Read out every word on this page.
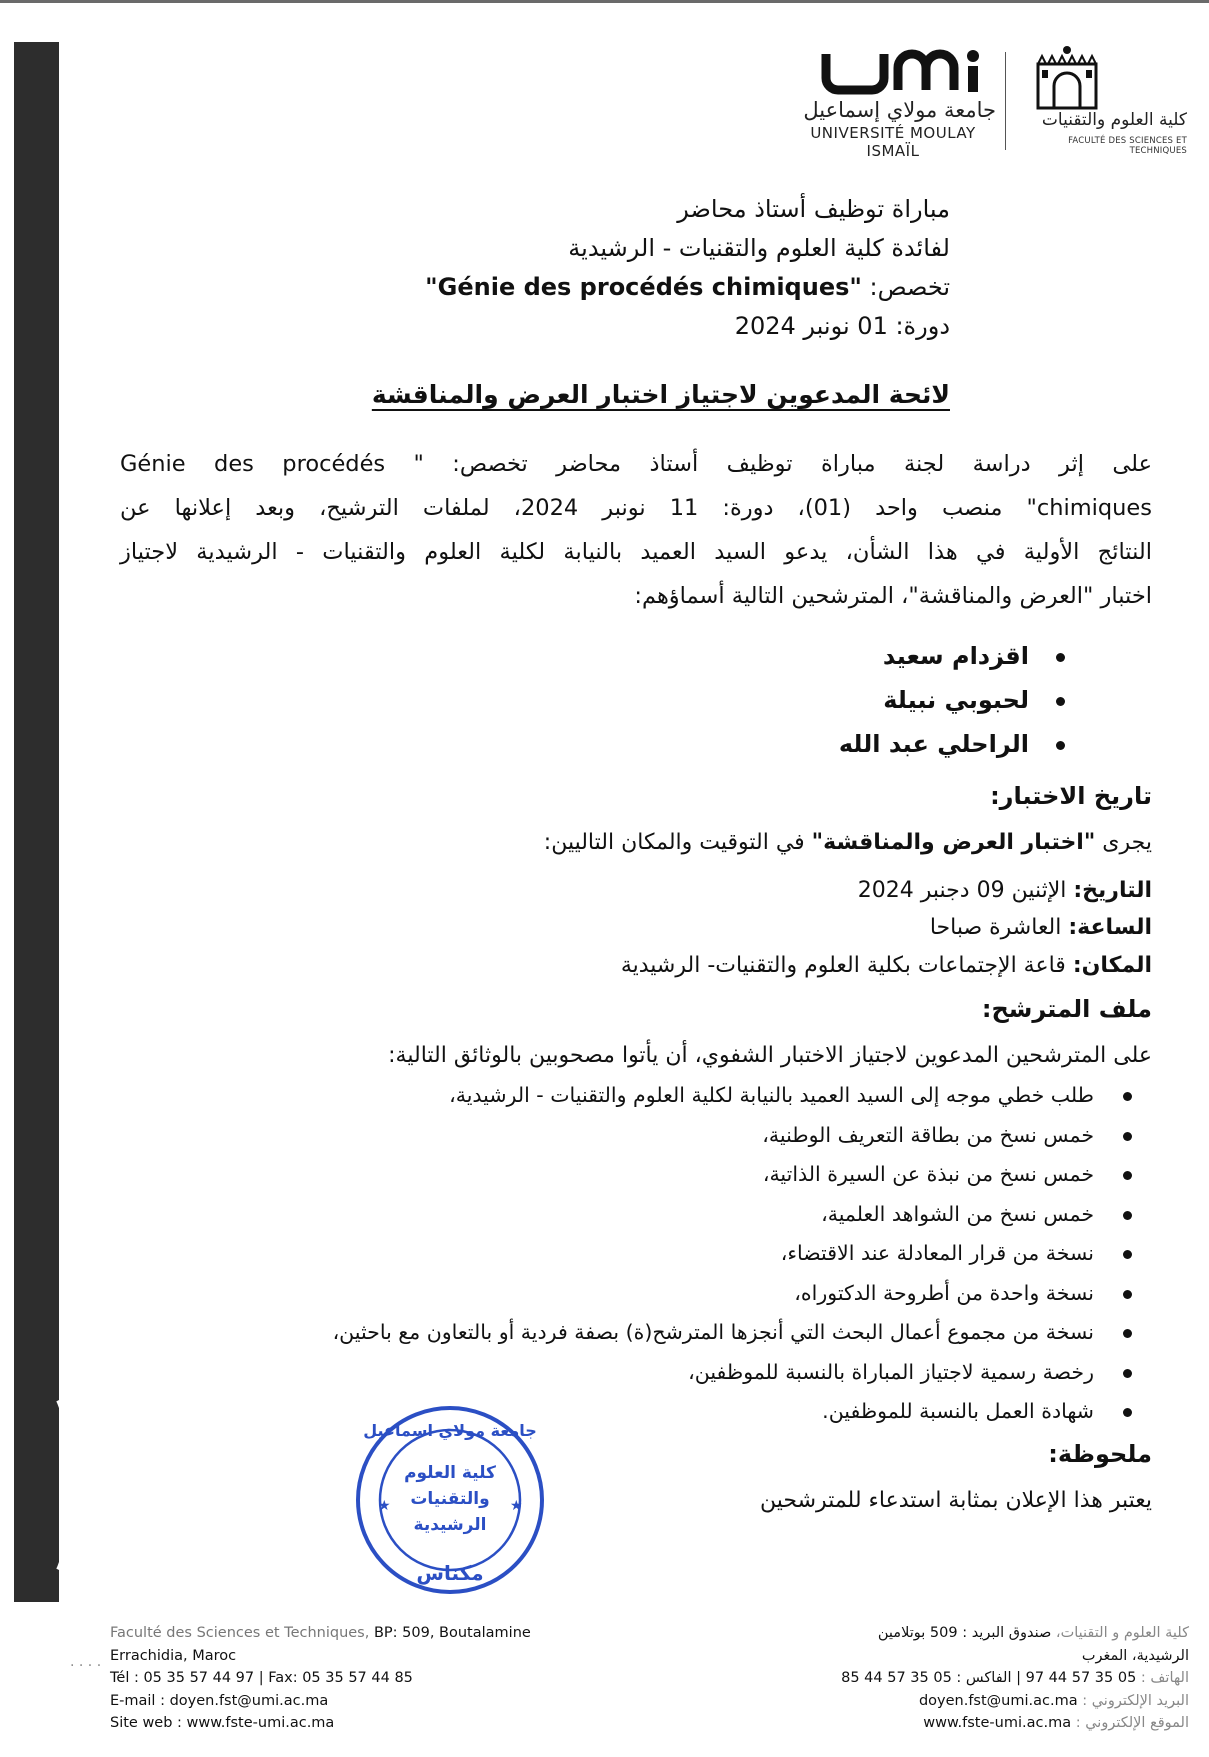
جامعة مولاي إسماعيل
UNIVERSITÉ MOULAY ISMAÏL
كلية العلوم والتقنيات
FACULTÉ DES SCIENCES ET TECHNIQUES
مباراة توظيف أستاذ محاضر
لفائدة كلية العلوم والتقنيات - الرشيدية
تخصص: "Génie des procédés chimiques"
دورة: 01 نونبر 2024
لائحة المدعوين لاجتياز اختبار العرض والمناقشة

على إثر دراسة لجنة مباراة توظيف أستاذ محاضر تخصص: " Génie des procédés

chimiques" منصب واحد (01)، دورة: 11 نونبر 2024، لملفات الترشيح، وبعد إعلانها عن

النتائج الأولية في هذا الشأن، يدعو السيد العميد بالنيابة لكلية العلوم والتقنيات - الرشيدية لاجتياز

اختبار "العرض والمناقشة"، المترشحين التالية أسماؤهم:

اقزدام سعيد
لحبوبي نبيلة
الراحلي عبد الله
تاريخ الاختبار:
يجرى "اختبار العرض والمناقشة" في التوقيت والمكان التاليين:
التاريخ: الإثنين 09 دجنبر 2024
الساعة: العاشرة صباحا
المكان: قاعة الإجتماعات بكلية العلوم والتقنيات- الرشيدية
ملف المترشح:
على المترشحين المدعوين لاجتياز الاختبار الشفوي، أن يأتوا مصحوبين بالوثائق التالية:
طلب خطي موجه إلى السيد العميد بالنيابة لكلية العلوم والتقنيات - الرشيدية،
خمس نسخ من بطاقة التعريف الوطنية،
خمس نسخ من نبذة عن السيرة الذاتية،
خمس نسخ من الشواهد العلمية،
نسخة من قرار المعادلة عند الاقتضاء،
نسخة واحدة من أطروحة الدكتوراه،
نسخة من مجموع أعمال البحث التي أنجزها المترشح(ة) بصفة فردية أو بالتعاون مع باحثين،
رخصة رسمية لاجتياز المباراة بالنسبة للموظفين،
شهادة العمل بالنسبة للموظفين.
ملحوظة:
يعتبر هذا الإعلان بمثابة استدعاء للمترشحين
★	★
جامعة مولاي اسماعيل
كلية العلوم
والتقنيات
الرشيدية
مكناس
. . . .
Faculté des Sciences et Techniques, BP: 509, Boutalamine
Errachidia, Maroc
Tél : 05 35 57 44 97 | Fax: 05 35 57 44 85
E-mail : doyen.fst@umi.ac.ma
Site web : www.fste-umi.ac.ma
كلية العلوم و التقنيات، صندوق البريد : 509 بوتلامين
الرشيدية، المغرب
الهاتف : 05 35 57 44 97 | الفاكس : 05 35 57 44 85
البريد الإلكتروني : doyen.fst@umi.ac.ma
الموقع الإلكتروني : www.fste-umi.ac.ma
